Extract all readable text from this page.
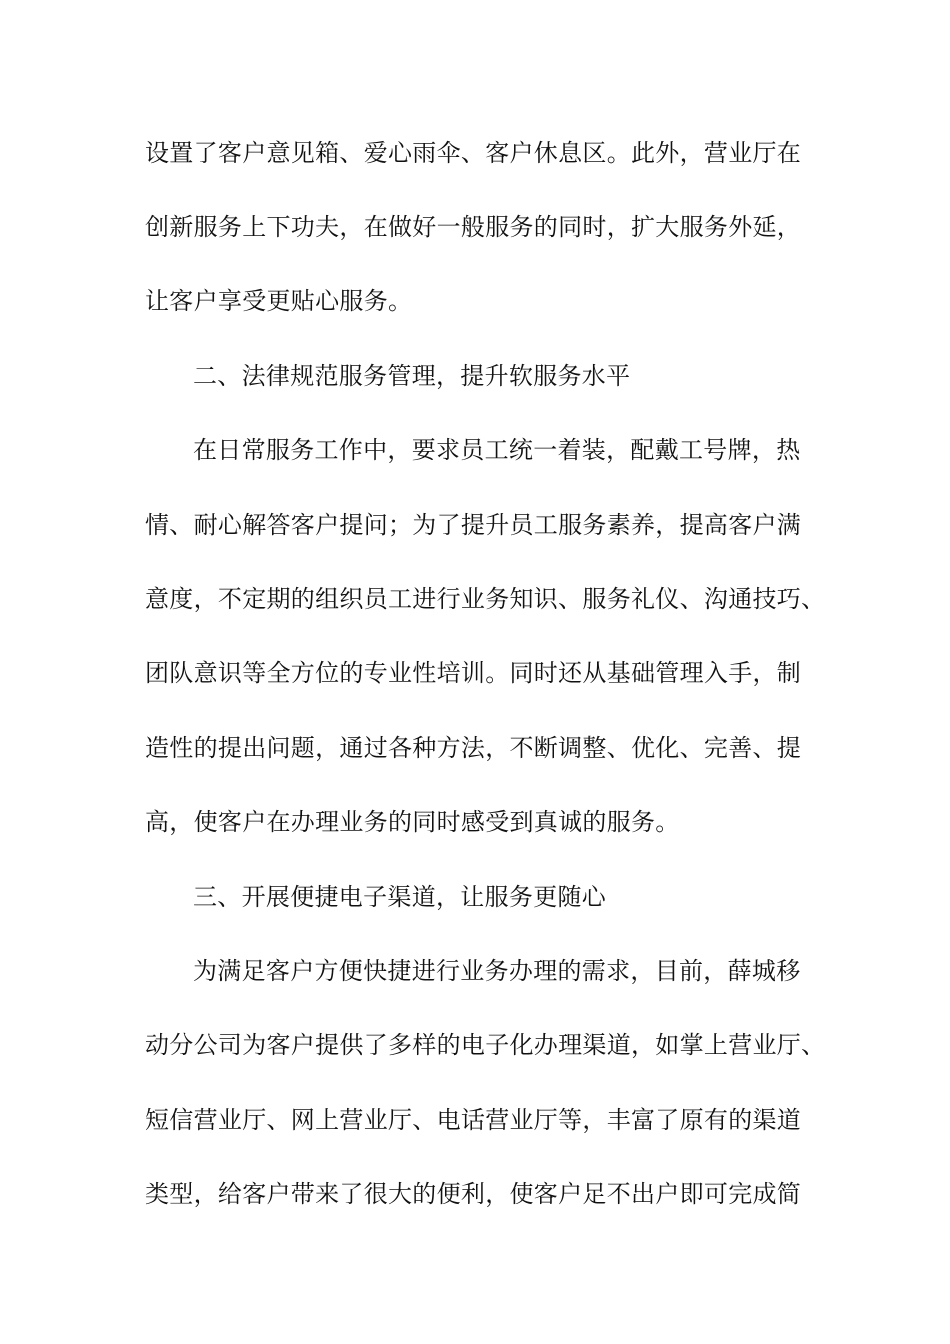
设置了客户意见箱、爱心雨伞、客户休息区。此外，营业厅在
创新服务上下功夫，在做好一般服务的同时，扩大服务外延，
让客户享受更贴心服务。
二、法律规范服务管理，提升软服务水平
在日常服务工作中，要求员工统一着装，配戴工号牌，热
情、耐心解答客户提问；为了提升员工服务素养，提高客户满
意度，不定期的组织员工进行业务知识、服务礼仪、沟通技巧、
团队意识等全方位的专业性培训。同时还从基础管理入手，制
造性的提出问题，通过各种方法，不断调整、优化、完善、提
高，使客户在办理业务的同时感受到真诚的服务。
三、开展便捷电子渠道，让服务更随心
为满足客户方便快捷进行业务办理的需求，目前，薛城移
动分公司为客户提供了多样的电子化办理渠道，如掌上营业厅、
短信营业厅、网上营业厅、电话营业厅等，丰富了原有的渠道
类型，给客户带来了很大的便利，使客户足不出户即可完成简
